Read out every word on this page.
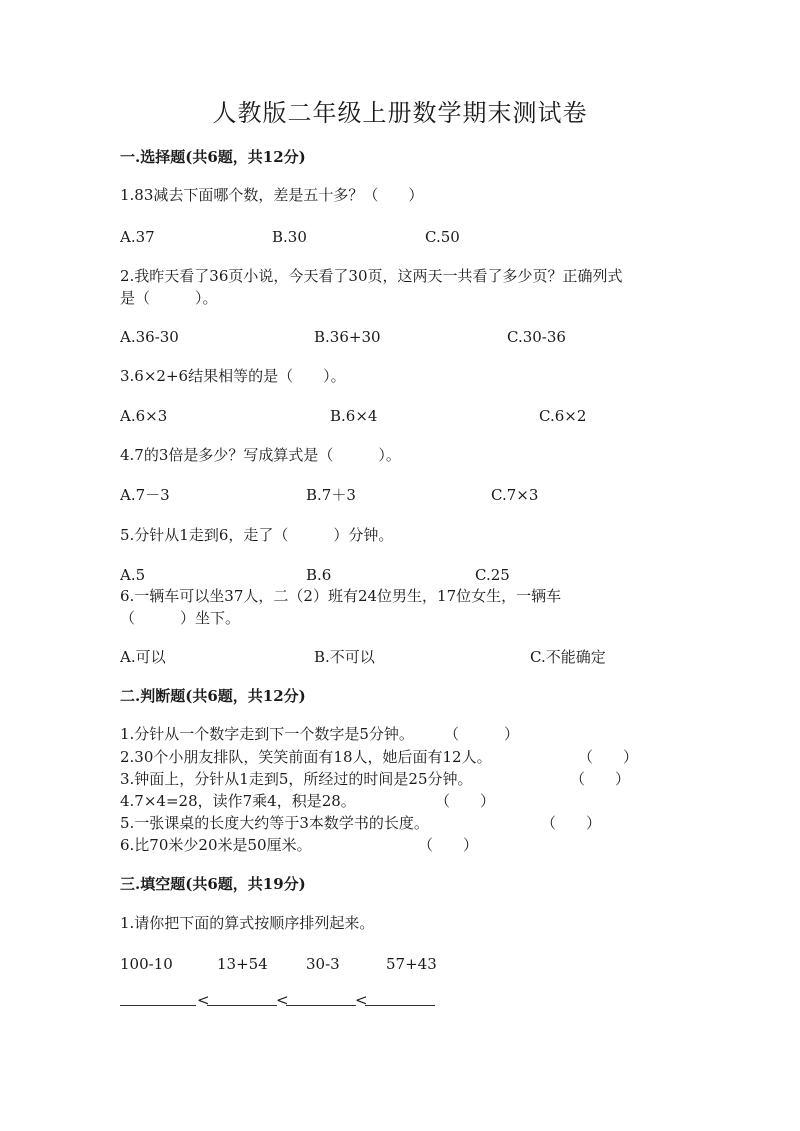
人教版二年级上册数学期末测试卷
一.选择题(共6题，共12分)
1.83减去下面哪个数，差是五十多？（　　）
A.37	B.30	C.50
2.我昨天看了36页小说，今天看了30页，这两天一共看了多少页？正确列式
是（　　　）。
A.36-30	B.36+30	C.30-36
3.6×2+6结果相等的是（　　）。
A.6×3	B.6×4	C.6×2
4.7的3倍是多少？写成算式是（　　　）。
A.7－3	B.7＋3	C.7×3
5.分针从1走到6，走了（　　　）分钟。
A.5	B.6	C.25
6.一辆车可以坐37人，二（2）班有24位男生，17位女生，一辆车
（　　　）坐下。
A.可以	B.不可以	C.不能确定
二.判断题(共6题，共12分)
1.分针从一个数字走到下一个数字是5分钟。 （　　　）
2.30个小朋友排队，笑笑前面有18人，她后面有12人。	（　　）
3.钟面上，分针从1走到5，所经过的时间是25分钟。	（　　）
4.7×4=28，读作7乘4，积是28。	（　　）
5.一张课桌的长度大约等于3本数学书的长度。	（　　）
6.比70米少20米是50厘米。	（　　）
三.填空题(共6题，共19分)
1.请你把下面的算式按顺序排列起来。
100-10	13+54	30-3	57+43
<	<	<
